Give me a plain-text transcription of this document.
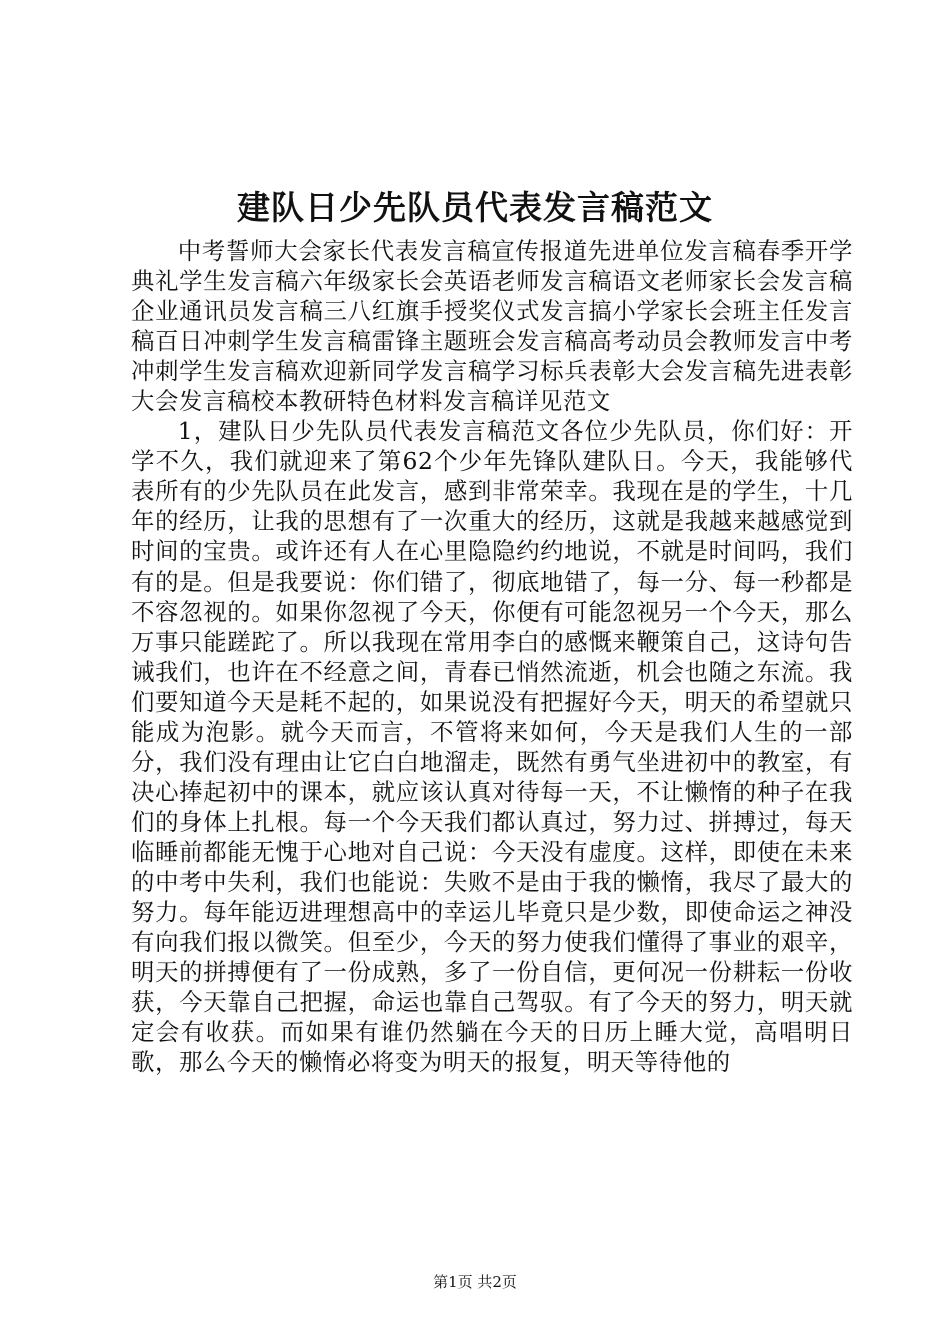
建队日少先队员代表发言稿范文

中考誓师大会家长代表发言稿宣传报道先进单位发言稿春季开学典礼学生发言稿六年级家长会英语老师发言稿语文老师家长会发言稿企业通讯员发言稿三八红旗手授奖仪式发言搞小学家长会班主任发言稿百日冲刺学生发言稿雷锋主题班会发言稿高考动员会教师发言中考冲刺学生发言稿欢迎新同学发言稿学习标兵表彰大会发言稿先进表彰大会发言稿校本教研特色材料发言稿详见范文

1，建队日少先队员代表发言稿范文各位少先队员，你们好：开学不久，我们就迎来了第62个少年先锋队建队日。今天，我能够代表所有的少先队员在此发言，感到非常荣幸。我现在是的学生，十几年的经历，让我的思想有了一次重大的经历，这就是我越来越感觉到时间的宝贵。或许还有人在心里隐隐约约地说，不就是时间吗，我们有的是。但是我要说：你们错了，彻底地错了，每一分、每一秒都是不容忽视的。如果你忽视了今天，你便有可能忽视另一个今天，那么万事只能蹉跎了。所以我现在常用李白的感慨来鞭策自己，这诗句告诫我们，也许在不经意之间，青春已悄然流逝，机会也随之东流。我们要知道今天是耗不起的，如果说没有把握好今天，明天的希望就只能成为泡影。就今天而言，不管将来如何，今天是我们人生的一部分，我们没有理由让它白白地溜走，既然有勇气坐进初中的教室，有决心捧起初中的课本，就应该认真对待每一天，不让懒惰的种子在我们的身体上扎根。每一个今天我们都认真过，努力过、拼搏过，每天临睡前都能无愧于心地对自己说：今天没有虚度。这样，即使在未来的中考中失利，我们也能说：失败不是由于我的懒惰，我尽了最大的努力。每年能迈进理想高中的幸运儿毕竟只是少数，即使命运之神没有向我们报以微笑。但至少，今天的努力使我们懂得了事业的艰辛，明天的拼搏便有了一份成熟，多了一份自信，更何况一份耕耘一份收获，今天靠自己把握，命运也靠自己驾驭。有了今天的努力，明天就定会有收获。而如果有谁仍然躺在今天的日历上睡大觉，高唱明日歌，那么今天的懒惰必将变为明天的报复，明天等待他的

第1页 共2页
